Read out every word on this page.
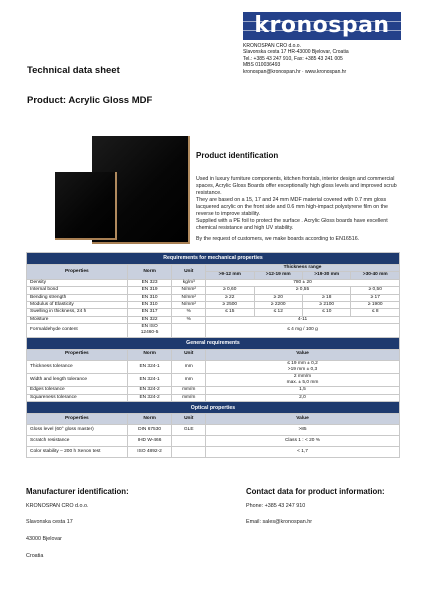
kronospan
KRONOSPAN CRO d.o.o.
Slavonska cesta 17 HR-43000 Bjelovar, Croatia
Tel.: +385 43 247 910, Fax: +385 43 241 005
MBS 010036493
kronospan@kronospan.hr · www.kronospan.hr
Technical data sheet
Product: Acrylic Gloss MDF
Product identification
Used in luxury furniture components, kitchen frontals, interior design and commercial spaces, Acrylic Gloss Boards offer exceptionally high gloss levels and improved scrub resistance.
They are based on a 15, 17 and 24 mm MDF material covered with 0.7 mm gloss lacquered acrylic on the front side and 0.6 mm high-impact polystyrene film on the reverse to improve stability.
Supplied with a PE foil to protect the surface . Acrylic Gloss boards have excellent chemical resistance and high UV stability.
Requirements for mechanical properties						
Properties	Norm	Unit	Thickness range			
			>9-12 mm	>12-19 mm	>19-30 mm	>30-40 mm
Density	EN 323	kg/m³	780 ± 20			
Internal bond	EN 319	N/mm²	≥ 0,60	≥ 0,55		≥ 0,50
Bending strength	EN 310	N/mm²	≥ 22	≥ 20	≥ 18	≥ 17
Modulus of Elasticity	EN 310	N/mm²	≥ 2500	≥ 2200	≥ 2100	≥ 1900
Swelling in thickness, 24 h	EN 317	%	≤ 15	≤ 12	≤ 10	≤ 8
Moisture	EN 322	%	4-11			
Formaldehyde content	EN ISO
12460-5		≤ 4 mg / 100 g			
General requirements						
Properties	Norm	Unit	Value			
Thickness tolerance	EN 324-1	mm	≤ 19 mm ± 0,2
>19 mm ± 0,3			

Width and length tolerance	EN 324-1	mm	2 mm/m
max. ± 5,0 mm			

Edges tolerance	EN 324-2	mm/m	1,5			
Squareness tolerance	EN 324-2	mm/m	2,0			
Optical properties						
Properties	Norm	Unit	Value			
Gloss level (60° gloss master)	DIN 67530	GLE	>85			
Scratch resistance	IHD W-466		Class 1 : < 20 %			
Color stability – 200 h Xenon test	ISO 4892-2		< 1,7			
Manufacturer identification:
KRONOSPAN CRO d.o.o.
Slavonska cesta 17
43000 Bjelovar
Croatia
Contact data for product information:
Phone: +385 43 247 910
Email: sales@kronospan.hr
By the request of customers, we make boards according to EN16516.
